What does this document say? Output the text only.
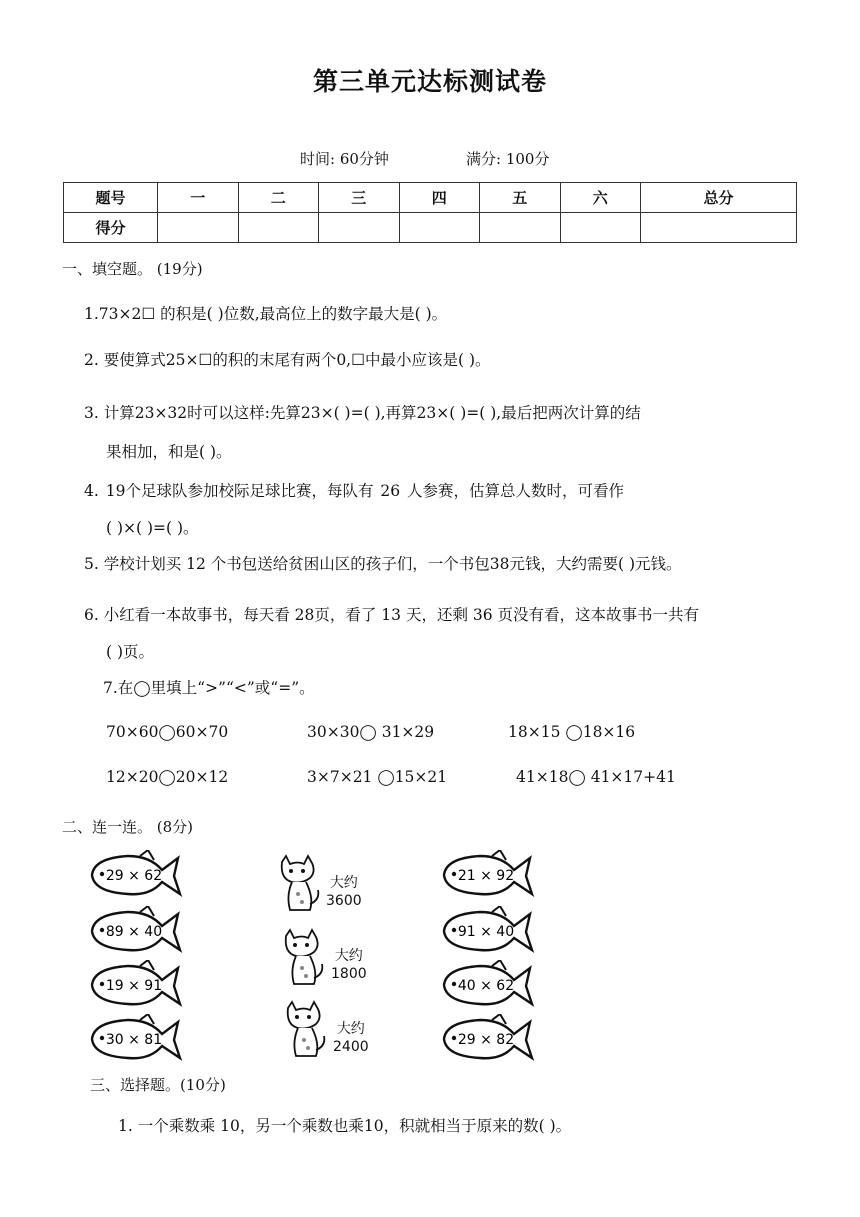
第三单元达标测试卷
时间: 60分钟	满分: 100分
题号	一	二	三	四	五	六	总分
得分							
一、填空题。 (19分)
1.73×2☐ 的积是( )位数,最高位上的数字最大是( )。
2. 要使算式25×☐的积的末尾有两个0,☐中最小应该是( )。
3. 计算23×32时可以这样:先算23×( )=( ),再算23×( )=( ),最后把两次计算的结
果相加，和是( )。
4. 19个足球队参加校际足球比赛，每队有 26 人参赛，估算总人数时，可看作
( )×( )=( )。
5. 学校计划买 12 个书包送给贫困山区的孩子们，一个书包38元钱，大约需要( )元钱。
6. 小红看一本故事书，每天看 28页，看了 13 天，还剩 36 页没有看，这本故事书一共有
( )页。
7.在◯里填上“>”“<”或“=”。
70×60◯60×70	30×30◯ 31×29	18×15 ◯18×16
12×20◯20×12	3×7×21 ◯15×21	41×18◯ 41×17+41
二、连一连。 (8分)
29 × 62
89 × 40
19 × 91
30 × 81
大约
3600
大约
1800
大约
2400
21 × 92
91 × 40
40 × 62
29 × 82
三、选择题。(10分)
1. 一个乘数乘 10，另一个乘数也乘10，积就相当于原来的数( )。
